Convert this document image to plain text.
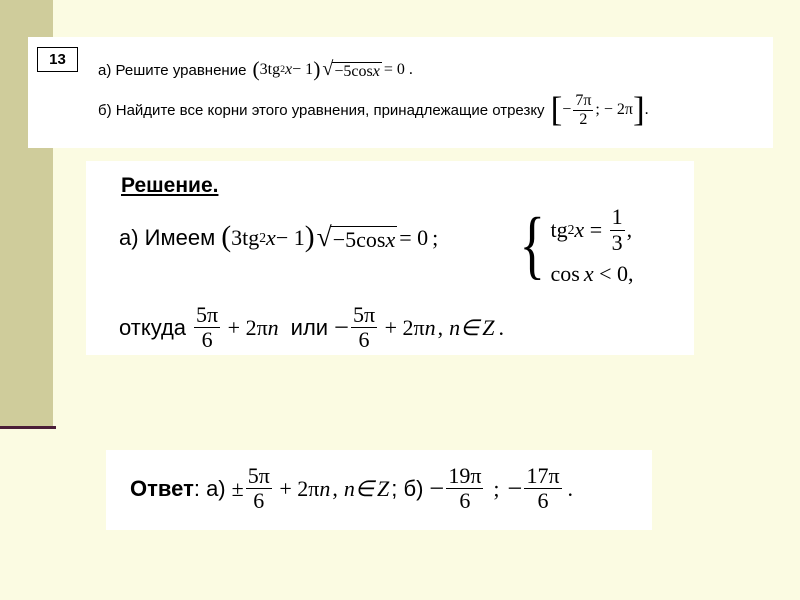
13
а) Решите уравнение ( 3tg 2 x − 1 ) √ −5cosx = 0 .
б) Найдите все корни этого уравнения, принадлежащие отрезку [ − $\frac{7\pi}{2}$ ; − 2π ] .
Решение.
а) Имеем ( 3tg 2 x − 1 ) √ −5cosx = 0 ; { tg 2 $x = \frac{1}{3}$ ,
cos x < 0,
откуда $\frac{5\pi}{6} + 2\pi$ n или − $\frac{5\pi}{6} + 2\pi$ n , n∈ Z .
Ответ : $а) \pm \frac{5\pi}{6} + 2\pi$ n , n∈ Z ; $б) - \frac{19\pi}{6}$ ; − $\frac{17\pi}{6}$ .
